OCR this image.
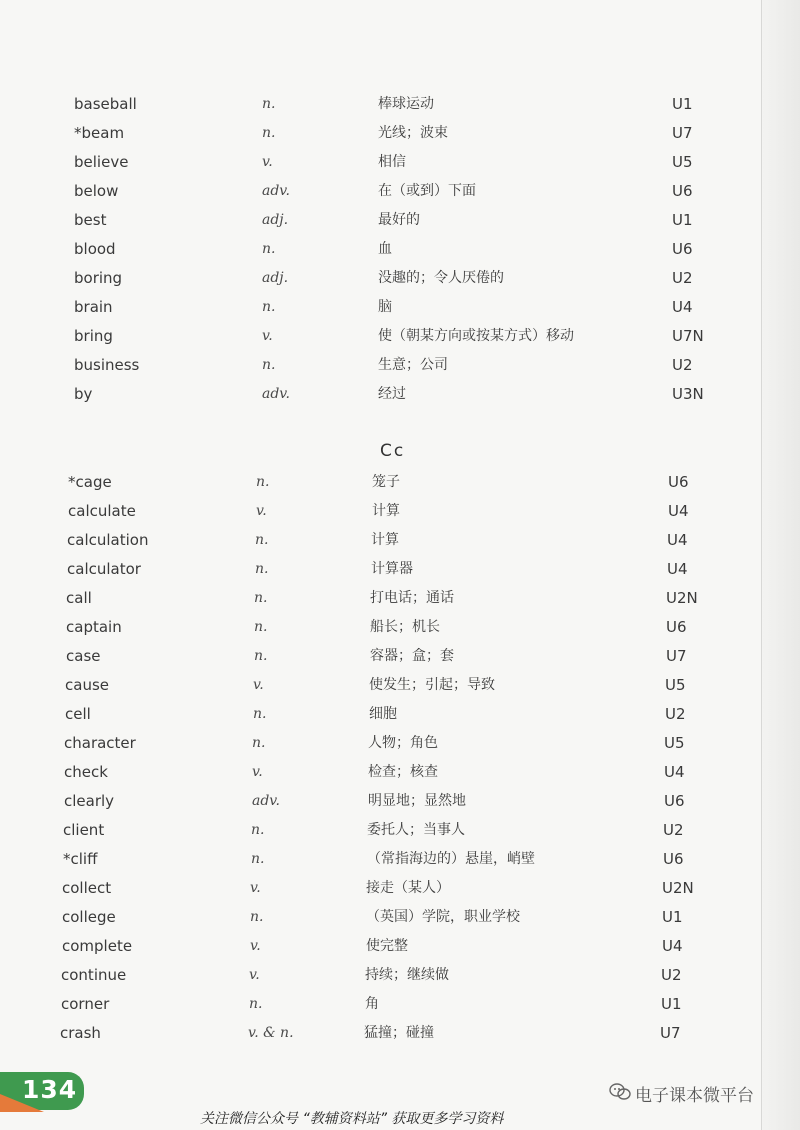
baseball	n.	棒球运动	U1
*beam	n.	光线；波束	U7
believe	v.	相信	U5
below	adv.	在（或到）下面	U6
best	adj.	最好的	U1
blood	n.	血	U6
boring	adj.	没趣的；令人厌倦的	U2
brain	n.	脑	U4
bring	v.	使（朝某方向或按某方式）移动	U7N
business	n.	生意；公司	U2
by	adv.	经过	U3N
*cage	n.	笼子	U6
calculate	v.	计算	U4
calculation	n.	计算	U4
calculator	n.	计算器	U4
call	n.	打电话；通话	U2N
captain	n.	船长；机长	U6
case	n.	容器；盒；套	U7
cause	v.	使发生；引起；导致	U5
cell	n.	细胞	U2
character	n.	人物；角色	U5
check	v.	检查；核查	U4
clearly	adv.	明显地；显然地	U6
client	n.	委托人；当事人	U2
*cliff	n.	（常指海边的）悬崖，峭壁	U6
collect	v.	接走（某人）	U2N
college	n.	（英国）学院，职业学校	U1
complete	v.	使完整	U4
continue	v.	持续；继续做	U2
corner	n.	角	U1
crash	v. & n.	猛撞；碰撞	U7
Cc
134	电子课本微平台
关注微信公众号 “教辅资料站” 获取更多学习资料
